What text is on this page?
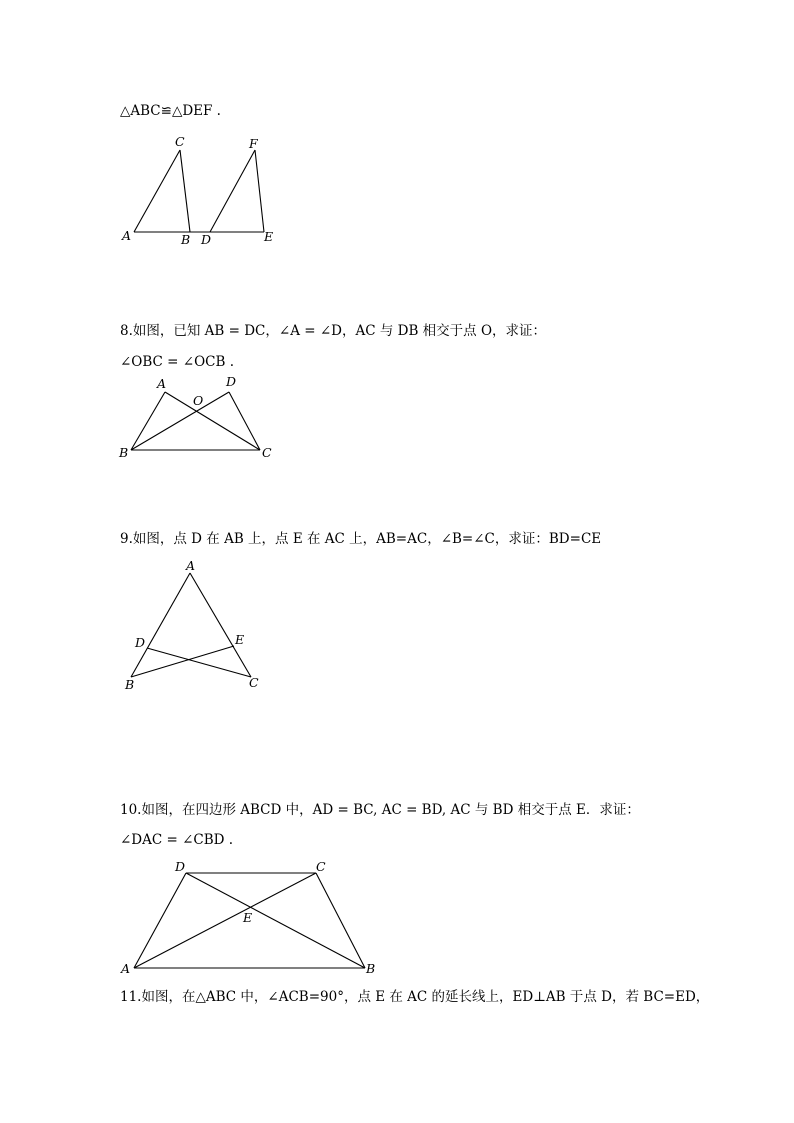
△ABC≌△DEF .
A	B
C
D	E
F
8.如图，已知 AB = DC，∠A = ∠D，AC 与 DB 相交于点 O，求证：
∠OBC = ∠OCB .
A	D
O
B	C
9.如图，点 D 在 AB 上，点 E 在 AC 上，AB=AC，∠B=∠C，求证：BD=CE
A
D	E
B	C
10.如图，在四边形 ABCD 中，AD = BC, AC = BD, AC 与 BD 相交于点 E．求证：
∠DAC = ∠CBD .
D	C
E
A	B
11.如图，在△ABC 中，∠ACB=90°，点 E 在 AC 的延长线上，ED⊥AB 于点 D，若 BC=ED，
